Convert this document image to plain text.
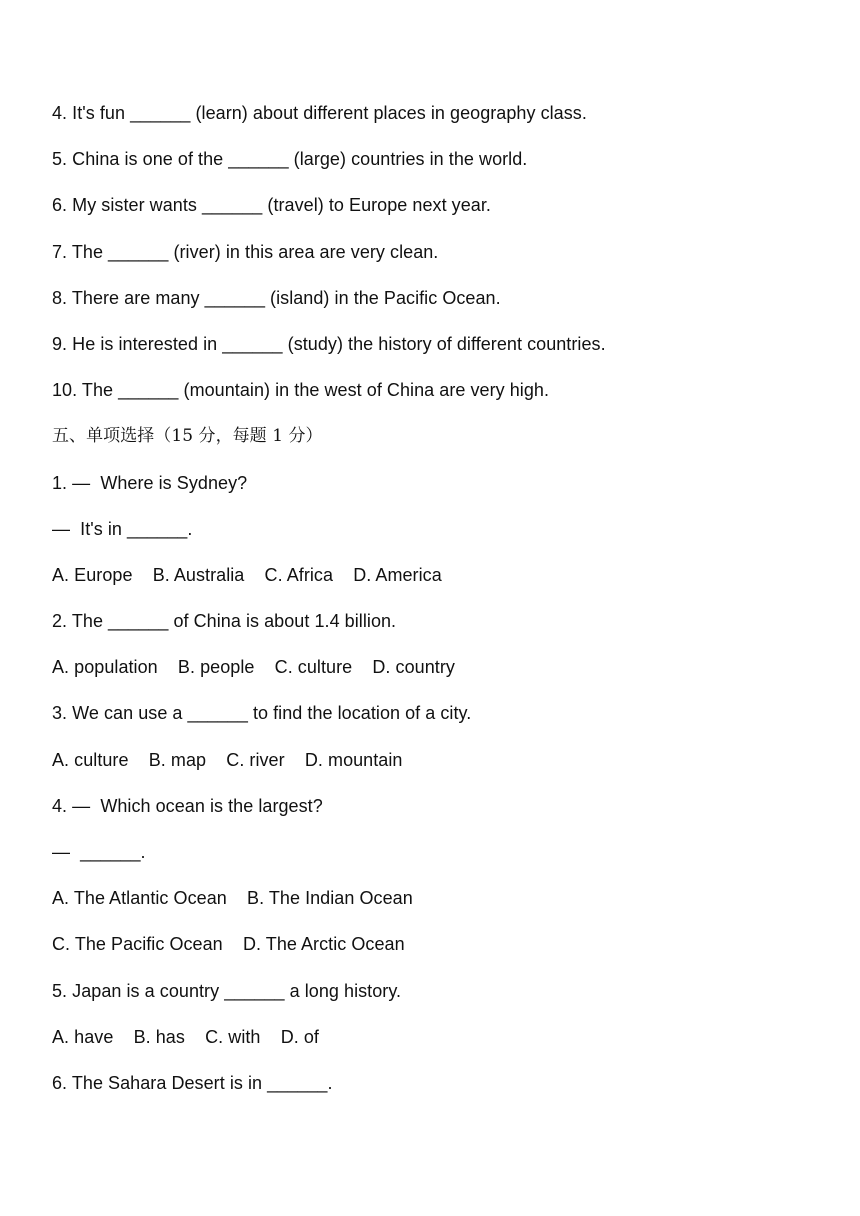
4. It's fun ______ (learn) about different places in geography class.
5. China is one of the ______ (large) countries in the world.
6. My sister wants ______ (travel) to Europe next year.
7. The ______ (river) in this area are very clean.
8. There are many ______ (island) in the Pacific Ocean.
9. He is interested in ______ (study) the history of different countries.
10. The ______ (mountain) in the west of China are very high.
五、单项选择（15 分，每题 1 分）
1. —  Where is Sydney?
—  It's in ______.
A. Europe    B. Australia    C. Africa    D. America
2. The ______ of China is about 1.4 billion.
A. population    B. people    C. culture    D. country
3. We can use a ______ to find the location of a city.
A. culture    B. map    C. river    D. mountain
4. —  Which ocean is the largest?
—  ______.
A. The Atlantic Ocean    B. The Indian Ocean
C. The Pacific Ocean    D. The Arctic Ocean
5. Japan is a country ______ a long history.
A. have    B. has    C. with    D. of
6. The Sahara Desert is in ______.
